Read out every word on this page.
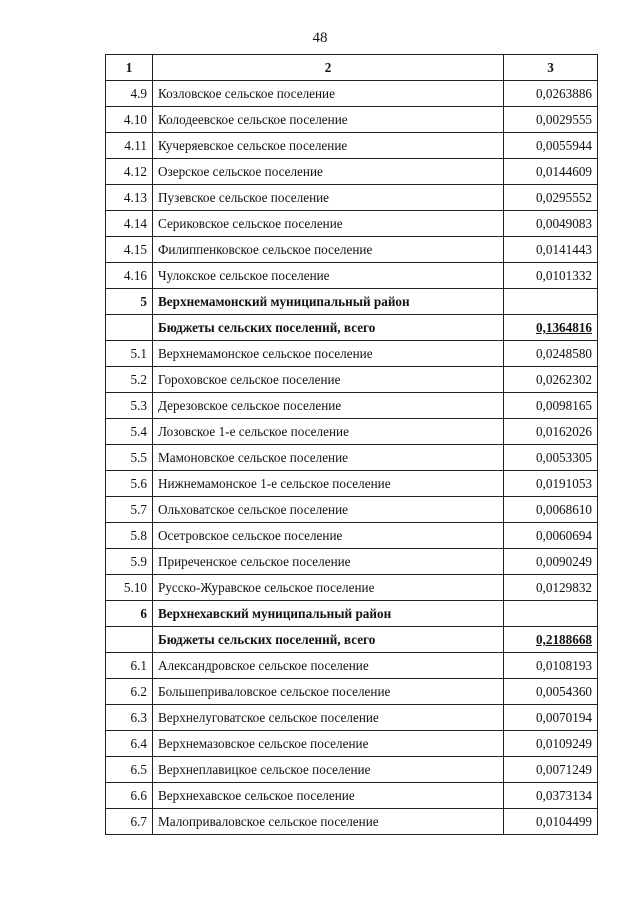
48
1	2	3
4.9	Козловское сельское поселение	0,0263886
4.10	Колодеевское сельское поселение	0,0029555
4.11	Кучеряевское сельское поселение	0,0055944
4.12	Озерское сельское поселение	0,0144609
4.13	Пузевское сельское поселение	0,0295552
4.14	Сериковское сельское поселение	0,0049083
4.15	Филиппенковское сельское поселение	0,0141443
4.16	Чулокское сельское поселение	0,0101332
5	Верхнемамонский муниципальный район	
	Бюджеты сельских поселений, всего	0,1364816
5.1	Верхнемамонское сельское поселение	0,0248580
5.2	Гороховское сельское поселение	0,0262302
5.3	Дерезовское сельское поселение	0,0098165
5.4	Лозовское 1-е сельское поселение	0,0162026
5.5	Мамоновское сельское поселение	0,0053305
5.6	Нижнемамонское 1-е сельское поселение	0,0191053
5.7	Ольховатское сельское поселение	0,0068610
5.8	Осетровское сельское поселение	0,0060694
5.9	Приреченское сельское поселение	0,0090249
5.10	Русско-Журавское сельское поселение	0,0129832
6	Верхнехавский муниципальный район	
	Бюджеты сельских поселений, всего	0,2188668
6.1	Александровское сельское поселение	0,0108193
6.2	Большеприваловское сельское поселение	0,0054360
6.3	Верхнелуговатское сельское поселение	0,0070194
6.4	Верхнемазовское сельское поселение	0,0109249
6.5	Верхнеплавицкое сельское поселение	0,0071249
6.6	Верхнехавское сельское поселение	0,0373134
6.7	Малоприваловское сельское поселение	0,0104499
